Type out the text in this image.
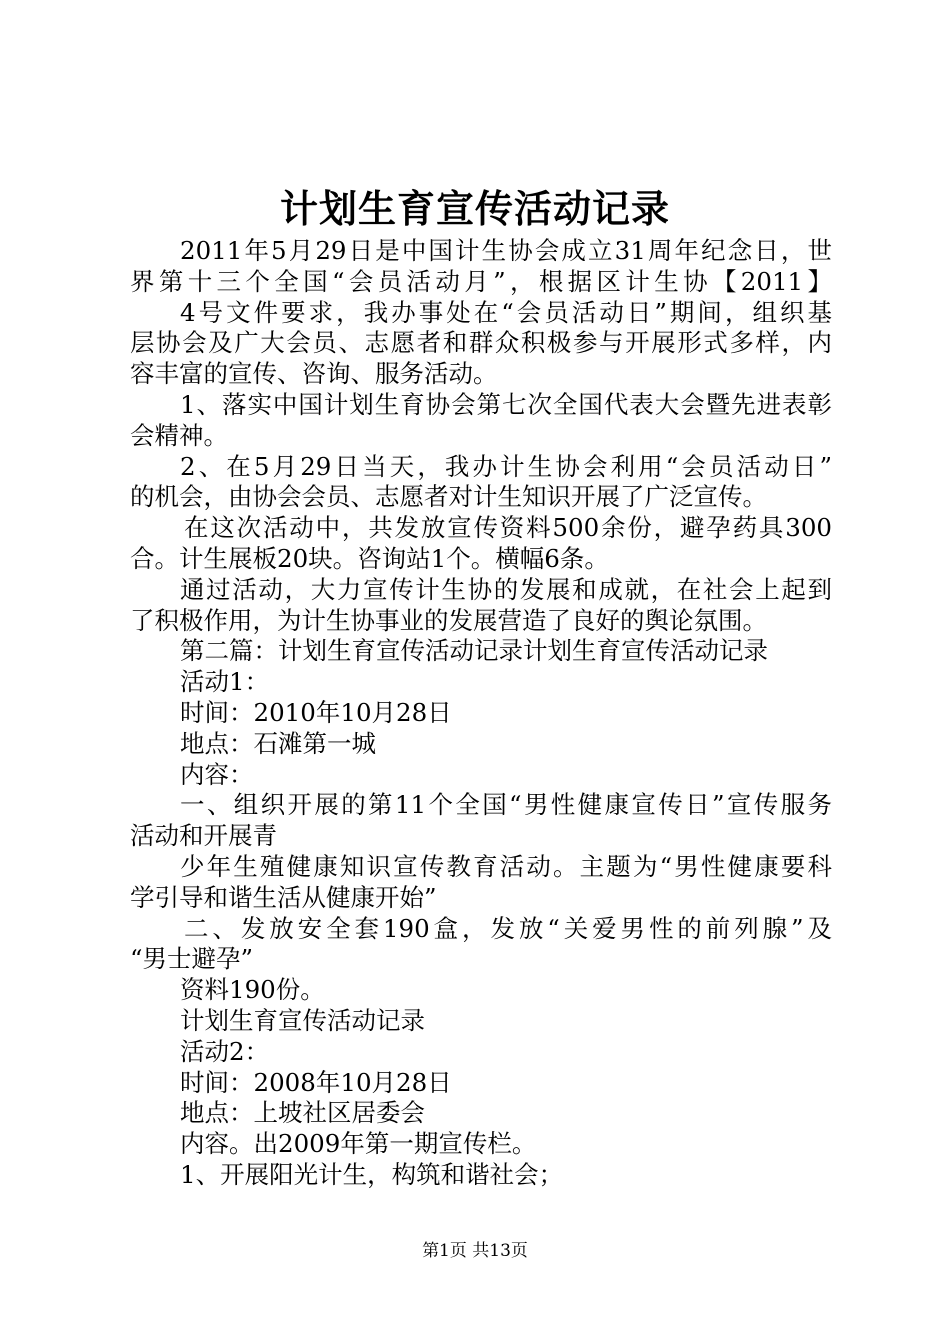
计划生育宣传活动记录
2011年5月29日是中国计生协会成立31周年纪念日，世
界第十三个全国“会员活动月”，根据区计生协【2011】
4号文件要求，我办事处在“会员活动日”期间，组织基
层协会及广大会员、志愿者和群众积极参与开展形式多样，内
容丰富的宣传、咨询、服务活动。
1、落实中国计划生育协会第七次全国代表大会暨先进表彰
会精神。
2、在5月29日当天，我办计生协会利用“会员活动日”
的机会，由协会会员、志愿者对计生知识开展了广泛宣传。
在这次活动中，共发放宣传资料500余份，避孕药具300
合。计生展板20块。咨询站1个。横幅6条。
通过活动，大力宣传计生协的发展和成就，在社会上起到
了积极作用，为计生协事业的发展营造了良好的舆论氛围。
第二篇：计划生育宣传活动记录计划生育宣传活动记录
活动1：
时间：2010年10月28日
地点：石滩第一城
内容：
一、组织开展的第11个全国“男性健康宣传日”宣传服务
活动和开展青
少年生殖健康知识宣传教育活动。主题为“男性健康要科
学引导和谐生活从健康开始”
二、发放安全套190盒，发放“关爱男性的前列腺”及
“男士避孕”
资料190份。
计划生育宣传活动记录
活动2：
时间：2008年10月28日
地点：上坡社区居委会
内容。出2009年第一期宣传栏。
1、开展阳光计生，构筑和谐社会；
第1页 共13页
